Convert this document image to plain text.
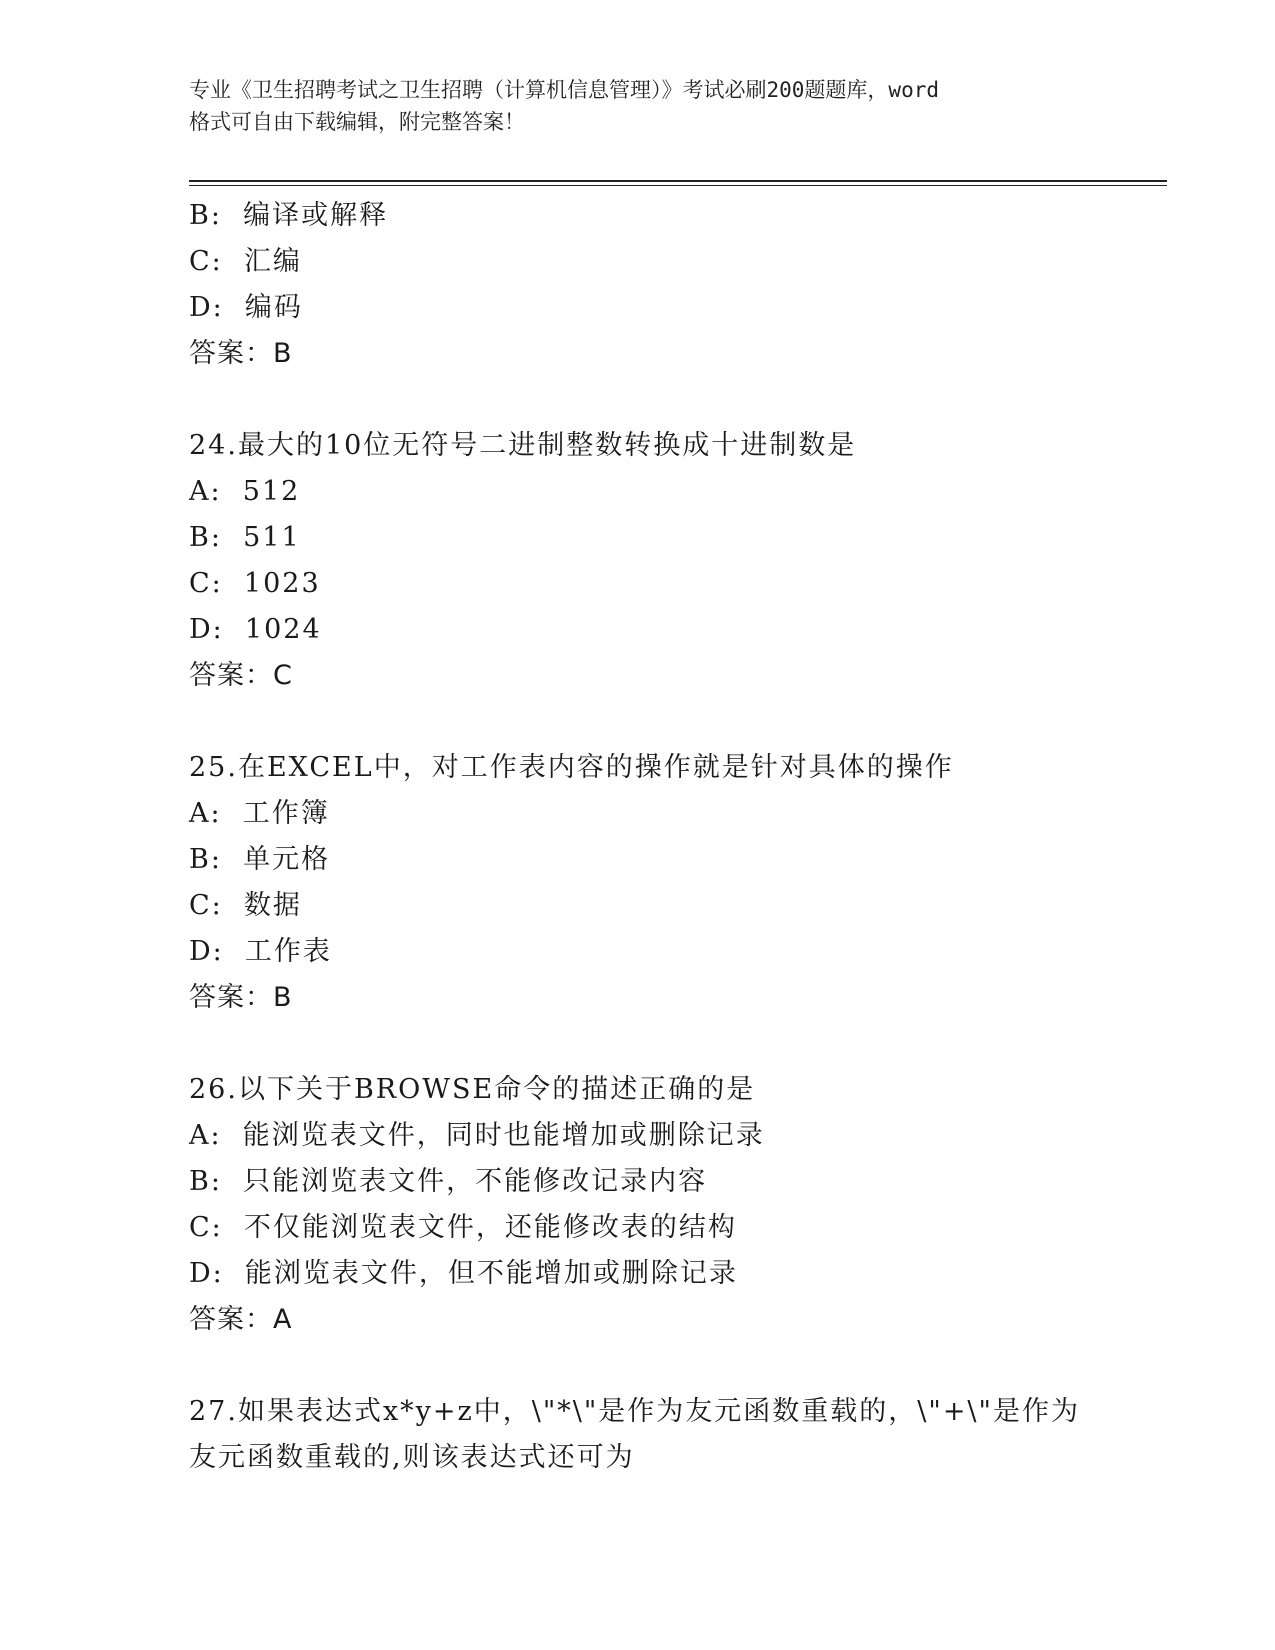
专业《卫生招聘考试之卫生招聘（计算机信息管理）》考试必刷200题题库，word
格式可自由下载编辑，附完整答案！
B:  编译或解释
C:  汇编
D:  编码
答案：B
24.最大的10位无符号二进制整数转换成十进制数是
A:  512
B:  511
C:  1023
D:  1024
答案：C
25.在EXCEL中，对工作表内容的操作就是针对具体的操作
A:  工作簿
B:  单元格
C:  数据
D:  工作表
答案：B
26.以下关于BROWSE命令的描述正确的是
A:  能浏览表文件，同时也能增加或删除记录
B:  只能浏览表文件，不能修改记录内容
C:  不仅能浏览表文件，还能修改表的结构
D:  能浏览表文件，但不能增加或删除记录
答案：A
27.如果表达式x*y+z中，\"*\"是作为友元函数重载的，\"+\"是作为
友元函数重载的,则该表达式还可为
